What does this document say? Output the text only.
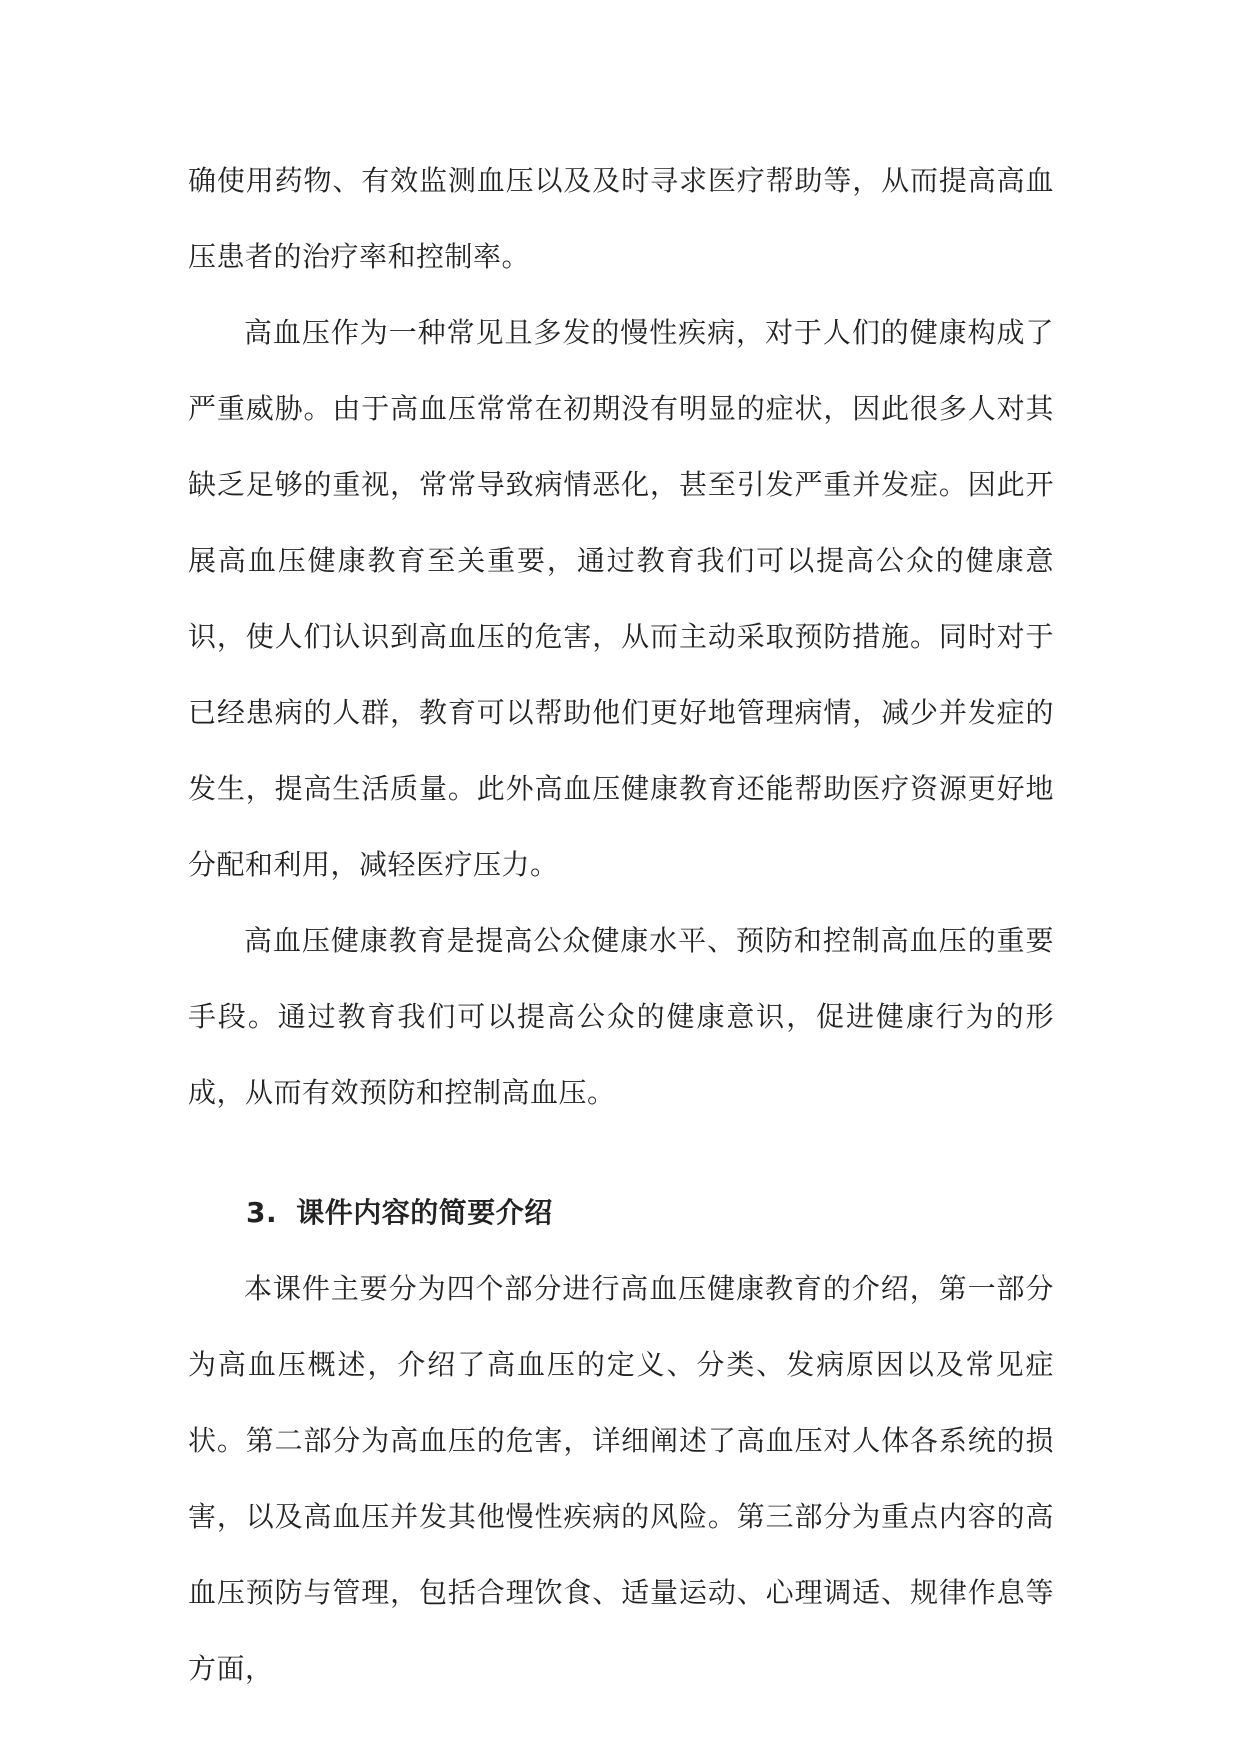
确使用药物、有效监测血压以及及时寻求医疗帮助等，从而提高高血压患者的治疗率和控制率。

高血压作为一种常见且多发的慢性疾病，对于人们的健康构成了严重威胁。由于高血压常常在初期没有明显的症状，因此很多人对其缺乏足够的重视，常常导致病情恶化，甚至引发严重并发症。因此开展高血压健康教育至关重要，通过教育我们可以提高公众的健康意识，使人们认识到高血压的危害，从而主动采取预防措施。同时对于已经患病的人群，教育可以帮助他们更好地管理病情，减少并发症的发生，提高生活质量。此外高血压健康教育还能帮助医疗资源更好地分配和利用，减轻医疗压力。

高血压健康教育是提高公众健康水平、预防和控制高血压的重要手段。通过教育我们可以提高公众的健康意识，促进健康行为的形成，从而有效预防和控制高血压。

3. 课件内容的简要介绍

本课件主要分为四个部分进行高血压健康教育的介绍，第一部分为高血压概述，介绍了高血压的定义、分类、发病原因以及常见症状。第二部分为高血压的危害，详细阐述了高血压对人体各系统的损害，以及高血压并发其他慢性疾病的风险。第三部分为重点内容的高血压预防与管理，包括合理饮食、适量运动、心理调适、规律作息等方面，
